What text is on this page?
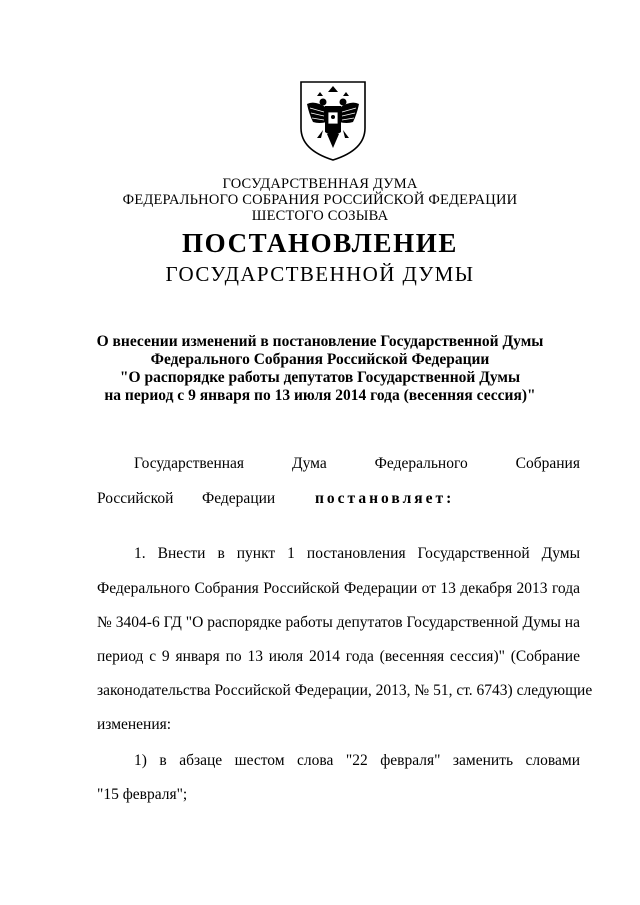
ГОСУДАРСТВЕННАЯ ДУМА
ФЕДЕРАЛЬНОГО СОБРАНИЯ РОССИЙСКОЙ ФЕДЕРАЦИИ
ШЕСТОГО СОЗЫВА
ПОСТАНОВЛЕНИЕ
ГОСУДАРСТВЕННОЙ ДУМЫ
О внесении изменений в постановление Государственной Думы
Федерального Собрания Российской Федерации
"О распорядке работы депутатов Государственной Думы
на период с 9 января по 13 июля 2014 года (весенняя сессия)"
Государственная	Дума	Федерального	Собрания
Российской Федерации	постановляет:
1. Внести в пункт 1 постановления Государственной Думы
Федерального Собрания Российской Федерации от 13 декабря 2013 года
№ 3404-6 ГД "О распорядке работы депутатов Государственной Думы на
период с 9 января по 13 июля 2014 года (весенняя сессия)" (Собрание
законодательства Российской Федерации, 2013, № 51, ст. 6743) следующие
изменения:
1) в абзаце шестом слова "22 февраля" заменить словами
"15 февраля";
